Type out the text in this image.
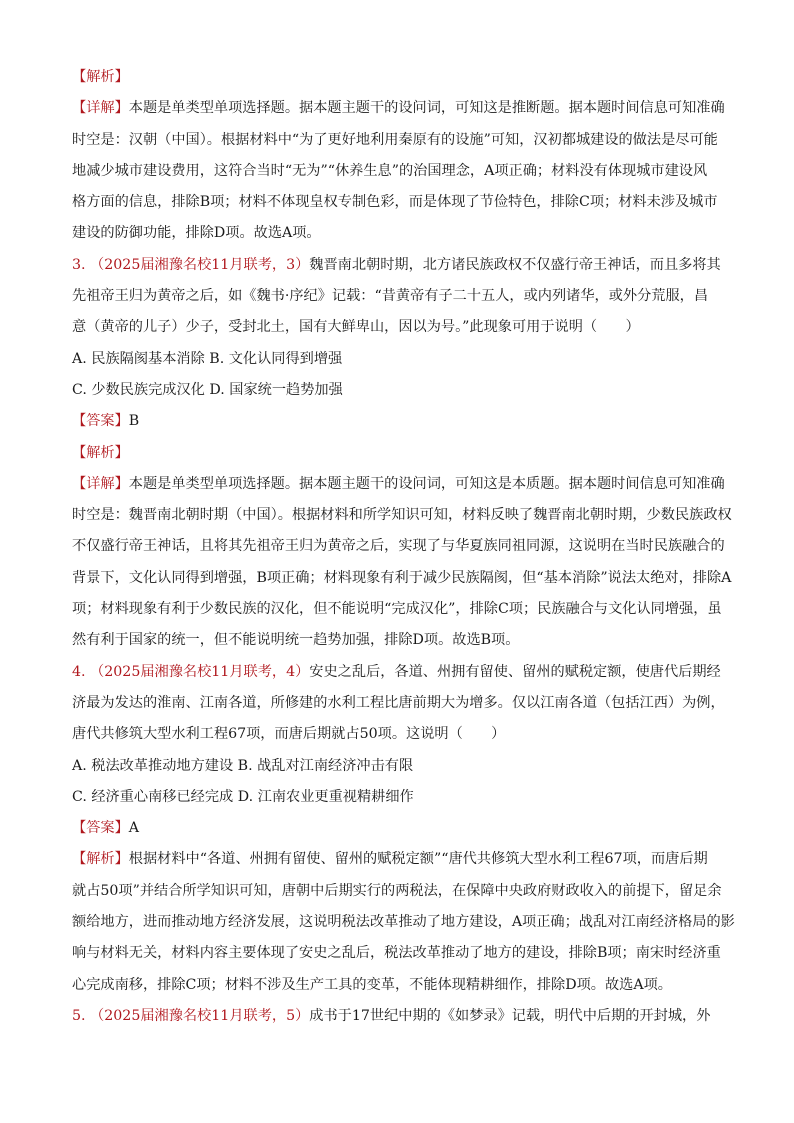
【解析】
【详解】本题是单类型单项选择题。据本题主题干的设问词，可知这是推断题。据本题时间信息可知准确
时空是：汉朝（中国）。根据材料中“为了更好地利用秦原有的设施”可知，汉初都城建设的做法是尽可能
地减少城市建设费用，这符合当时“无为”“休养生息”的治国理念，A项正确；材料没有体现城市建设风
格方面的信息，排除B项；材料不体现皇权专制色彩，而是体现了节俭特色，排除C项；材料未涉及城市
建设的防御功能，排除D项。故选A项。
3. （2025届湘豫名校11月联考，3）魏晋南北朝时期，北方诸民族政权不仅盛行帝王神话，而且多将其
先祖帝王归为黄帝之后，如《魏书·序纪》记载：“昔黄帝有子二十五人，或内列诸华，或外分荒服，昌
意（黄帝的儿子）少子，受封北土，国有大鲜卑山，因以为号。”此现象可用于说明（　　）
A. 民族隔阂基本消除 B. 文化认同得到增强
C. 少数民族完成汉化 D. 国家统一趋势加强
【答案】B
【解析】
【详解】本题是单类型单项选择题。据本题主题干的设问词，可知这是本质题。据本题时间信息可知准确
时空是：魏晋南北朝时期（中国）。根据材料和所学知识可知，材料反映了魏晋南北朝时期，少数民族政权
不仅盛行帝王神话，且将其先祖帝王归为黄帝之后，实现了与华夏族同祖同源，这说明在当时民族融合的
背景下，文化认同得到增强，B项正确；材料现象有利于减少民族隔阂，但“基本消除”说法太绝对，排除A
项；材料现象有利于少数民族的汉化，但不能说明“完成汉化”，排除C项；民族融合与文化认同增强，虽
然有利于国家的统一，但不能说明统一趋势加强，排除D项。故选B项。
4. （2025届湘豫名校11月联考，4）安史之乱后，各道、州拥有留使、留州的赋税定额，使唐代后期经
济最为发达的淮南、江南各道，所修建的水利工程比唐前期大为增多。仅以江南各道（包括江西）为例，
唐代共修筑大型水利工程67项，而唐后期就占50项。这说明（　　）
A. 税法改革推动地方建设 B. 战乱对江南经济冲击有限
C. 经济重心南移已经完成 D. 江南农业更重视精耕细作
【答案】A
【解析】根据材料中“各道、州拥有留使、留州的赋税定额”“唐代共修筑大型水利工程67项，而唐后期
就占50项”并结合所学知识可知，唐朝中后期实行的两税法，在保障中央政府财政收入的前提下，留足余
额给地方，进而推动地方经济发展，这说明税法改革推动了地方建设，A项正确；战乱对江南经济格局的影
响与材料无关，材料内容主要体现了安史之乱后，税法改革推动了地方的建设，排除B项；南宋时经济重
心完成南移，排除C项；材料不涉及生产工具的变革，不能体现精耕细作，排除D项。故选A项。
5. （2025届湘豫名校11月联考，5）成书于17世纪中期的《如梦录》记载，明代中后期的开封城，外
